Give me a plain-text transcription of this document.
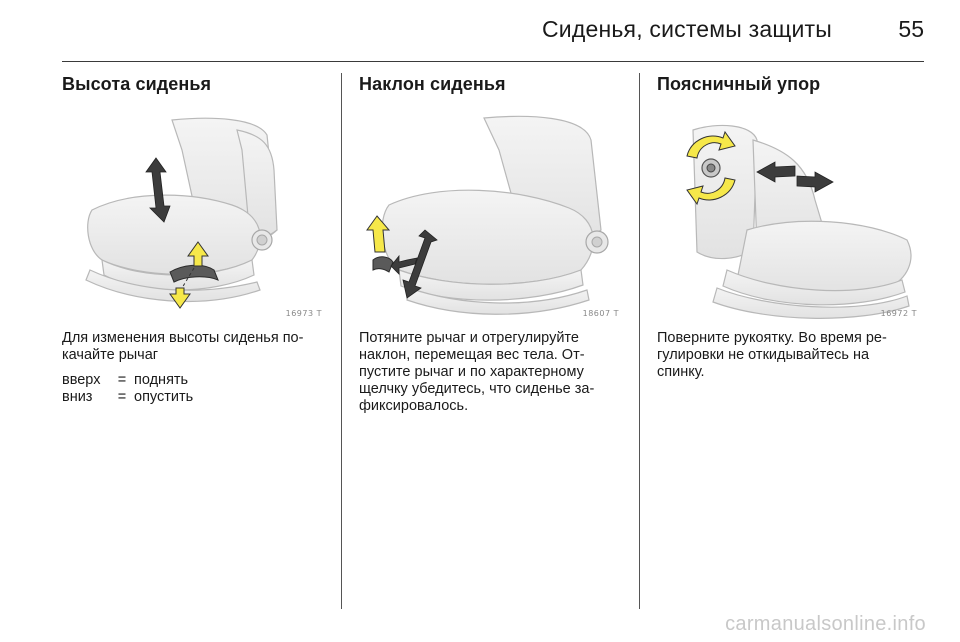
Сиденья, системы защиты	55
Высота сиденья
16973 T

Для изменения высоты сиденья по-

качайте рычаг

вверх	=	поднять
вниз	=	опустить
Наклон сиденья
18607 T

Потяните рычаг и отрегулируйте

наклон, перемещая вес тела. От-

пустите рычаг и по характерному

щелчку убедитесь, что сиденье за-

фиксировалось.

Поясничный упор
16972 T

Поверните рукоятку. Во время ре-

гулировки не откидывайтесь на

спинку.

carmanualsonline.info
